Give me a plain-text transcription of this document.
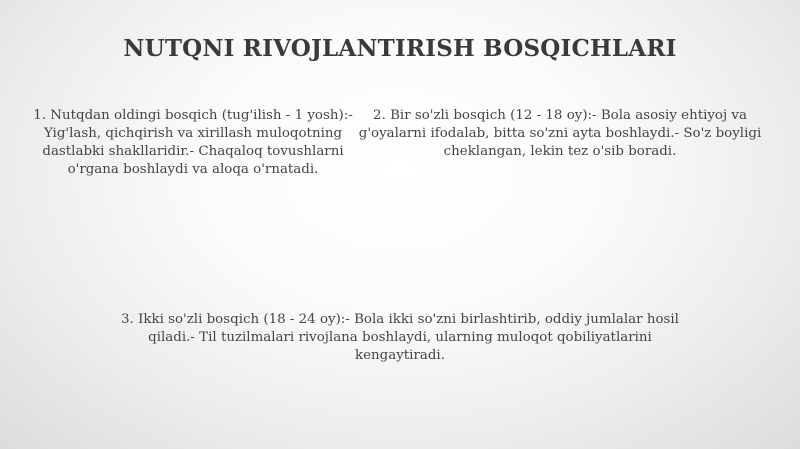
NUTQNI RIVOJLANTIRISH BOSQICHLARI

1. Nutqdan oldingi bosqich (tug'ilish - 1 yosh):- Yig'lash, qichqirish va xirillash muloqotning dastlabki shakllaridir.- Chaqaloq tovushlarni o'rgana boshlaydi va aloqa o'rnatadi.

2. Bir so'zli bosqich (12 - 18 oy):- Bola asosiy ehtiyoj va g'oyalarni ifodalab, bitta so'zni ayta boshlaydi.- So'z boyligi cheklangan, lekin tez o'sib boradi.

3. Ikki so'zli bosqich (18 - 24 oy):- Bola ikki so'zni birlashtirib, oddiy jumlalar hosil qiladi.- Til tuzilmalari rivojlana boshlaydi, ularning muloqot qobiliyatlarini kengaytiradi.
